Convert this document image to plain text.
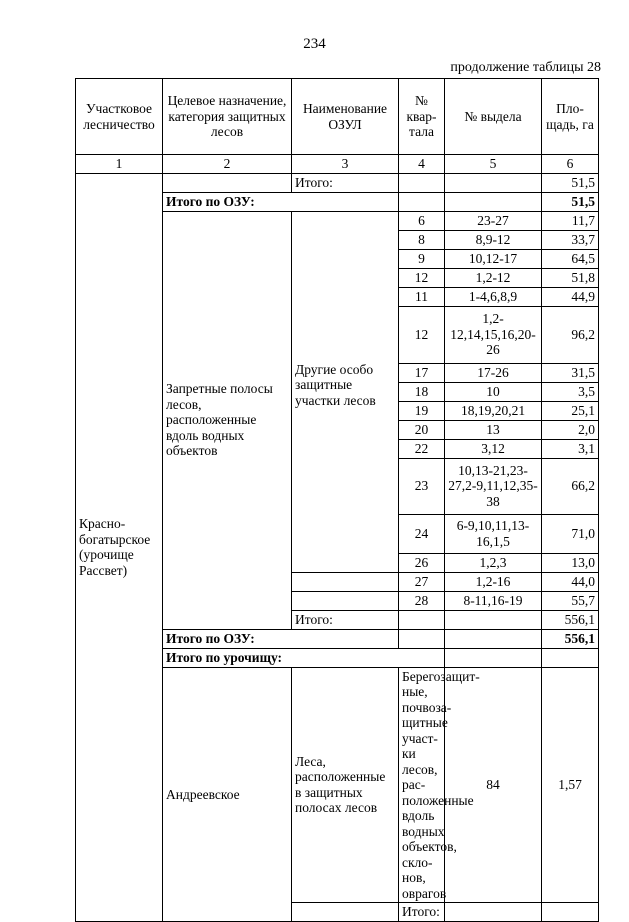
234
продолжение таблицы 28
Участковое лесничество	Целевое назначение, категория защитных лесов	Наименование ОЗУЛ	№ квар-тала	№ выдела	Пло-щадь, га	
1	2	3	4	5	6	
Красно-богатырское (урочище Рассвет)		Итого:			51,5	
	Итого по ОЗУ:				51,5	
	Запретные полосы лесов, расположенные вдоль водных объектов	Другие особо защитные участки лесов	6	23-27	11,7	
			8	8,9-12	33,7	
			9	10,12-17	64,5	
			12	1,2-12	51,8	
			11	1-4,6,8,9	44,9	
			12	1,2-12,14,15,16,20-26	96,2	
			17	17-26	31,5	
			18	10	3,5	
			19	18,19,20,21	25,1	
			20	13	2,0	
			22	3,12	3,1	
			23	10,13-21,23-27,2-9,11,12,35-38	66,2	
			24	6-9,10,11,13-16,1,5	71,0	
			26	1,2,3	13,0	
			27	1,2-16	44,0	
			28	8-11,16-19	55,7	
		Итого:			556,1	
	Итого по ОЗУ:				556,1	
	Итого по урочищу:			
	Андреевское	Леса, расположенные в защитных полосах лесов	Берегозащит-ные, почвоза-щитные участ-ки лесов, рас-положенные вдоль водных объектов, скло-нов, оврагов	84	1,57	
			Итого:			
